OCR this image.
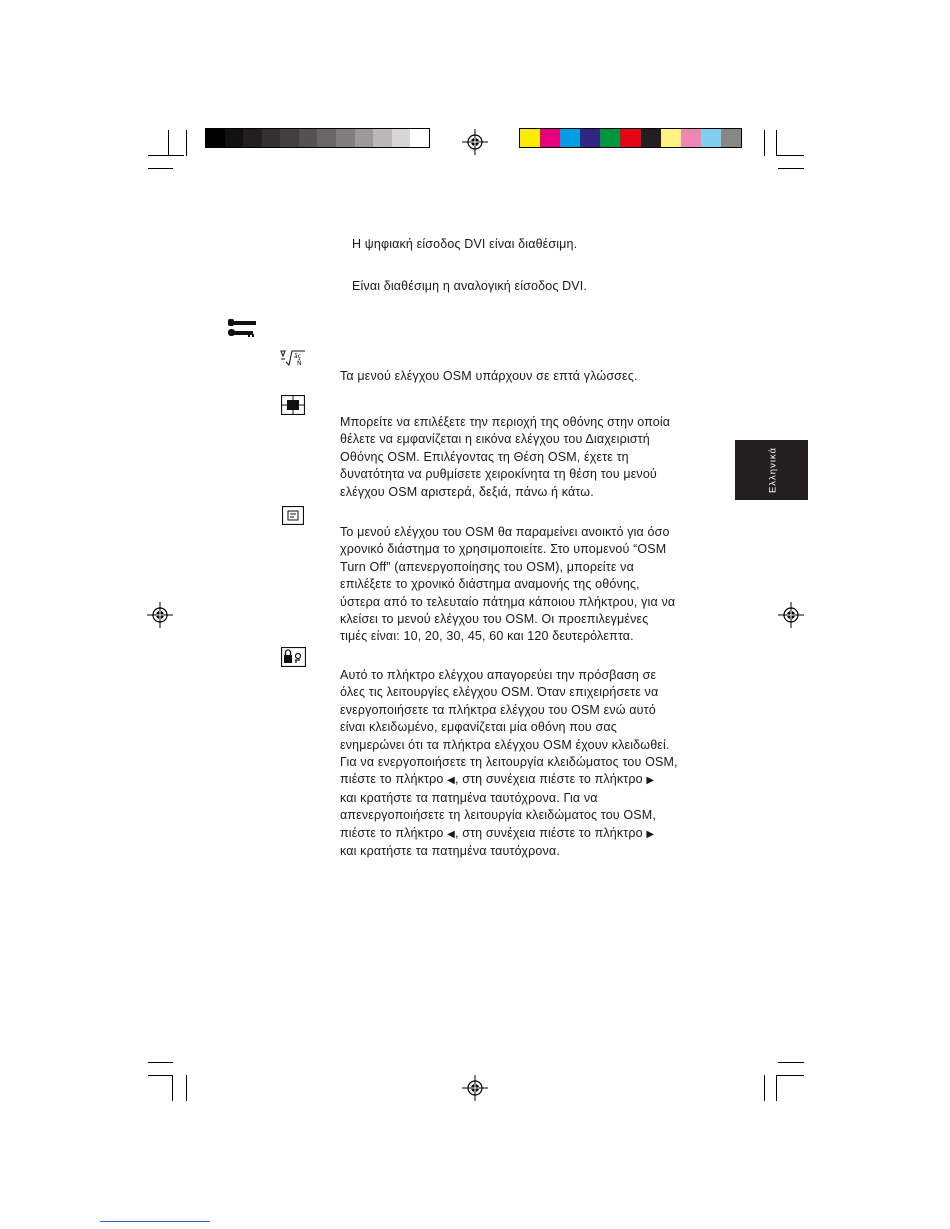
Η ψηφιακή είσοδος DVI είναι διαθέσιμη.
Είναι διαθέσιμη η αναλογική είσοδος DVI.
ãç
Ñ
Τα μενού ελέγχου OSM υπάρχουν σε επτά γλώσσες.
Μπορείτε να επιλέξετε την περιοχή της οθόνης στην οποία
θέλετε να εμφανίζεται η εικόνα ελέγχου του Διαχειριστή
Οθόνης OSM. Επιλέγοντας τη Θέση OSM, έχετε τη
δυνατότητα να ρυθμίσετε χειροκίνητα τη θέση του μενού
ελέγχου OSM αριστερά, δεξιά, πάνω ή κάτω.
Το μενού ελέγχου του OSM θα παραμείνει ανοικτό για όσο
χρονικό διάστημα το χρησιμοποιείτε. Στο υπομενού “OSM
Turn Off” (απενεργοποίησης του OSM), μπορείτε να
επιλέξετε το χρονικό διάστημα αναμονής της οθόνης,
ύστερα από το τελευταίο πάτημα κάποιου πλήκτρου, για να
κλείσει το μενού ελέγχου του OSM. Οι προεπιλεγμένες
τιμές είναι: 10, 20, 30, 45, 60 και 120 δευτερόλεπτα.
Αυτό το πλήκτρο ελέγχου απαγορεύει την πρόσβαση σε
όλες τις λειτουργίες ελέγχου OSM. Όταν επιχειρήσετε να
ενεργοποιήσετε τα πλήκτρα ελέγχου του OSM ενώ αυτό
είναι κλειδωμένο, εμφανίζεται μία οθόνη που σας
ενημερώνει ότι τα πλήκτρα ελέγχου OSM έχουν κλειδωθεί.
Για να ενεργοποιήσετε τη λειτουργία κλειδώματος του OSM,
πιέστε το πλήκτρο ◀, στη συνέχεια πιέστε το πλήκτρο ▶
και κρατήστε τα πατημένα ταυτόχρονα. Για να
απενεργοποιήσετε τη λειτουργία κλειδώματος του OSM,
πιέστε το πλήκτρο ◀, στη συνέχεια πιέστε το πλήκτρο ▶
και κρατήστε τα πατημένα ταυτόχρονα.
Ελληνικά
